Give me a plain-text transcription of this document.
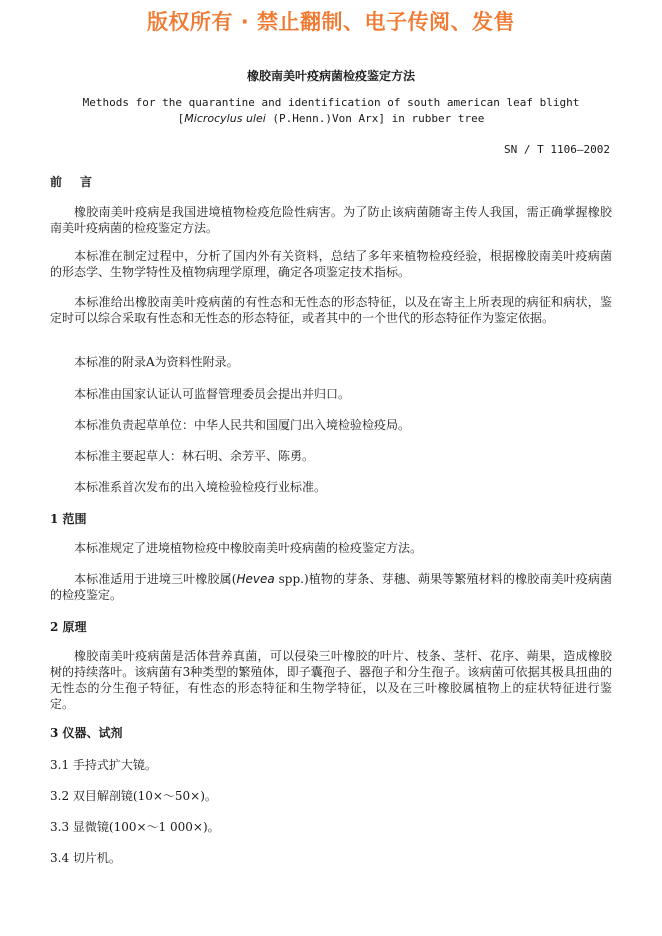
版权所有 · 禁止翻制、电子传阅、发售
橡胶南美叶疫病菌检疫鉴定方法
Methods for the quarantine and identification of south american leaf blight
[Microcylus ulei (P.Henn.)Von Arx] in rubber tree
SN / T 1106—2002
前言
橡胶南美叶疫病是我国进境植物检疫危险性病害。为了防止该病菌随寄主传人我国，需正确掌握橡胶南美叶疫病菌的检疫鉴定方法。
本标准在制定过程中，分析了国内外有关资料，总结了多年来植物检疫经验，根据橡胶南美叶疫病菌的形态学、生物学特性及植物病理学原理，确定各项鉴定技术指标。
本标准给出橡胶南美叶疫病菌的有性态和无性态的形态特征，以及在寄主上所表现的病征和病状，鉴定时可以综合采取有性态和无性态的形态特征，或者其中的一个世代的形态特征作为鉴定依据。
本标准的附录A为资料性附录。
本标准由国家认证认可监督管理委员会提出并归口。
本标准负责起草单位：中华人民共和国厦门出入境检验检疫局。
本标准主要起草人：林石明、余芳平、陈勇。
本标准系首次发布的出入境检验检疫行业标准。
1 范围
本标准规定了进境植物检疫中橡胶南美叶疫病菌的检疫鉴定方法。
本标准适用于进境三叶橡胶属(Hevea spp.)植物的芽条、芽穗、蒴果等繁殖材料的橡胶南美叶疫病菌的检疫鉴定。
2 原理
橡胶南美叶疫病菌是活体营养真菌，可以侵染三叶橡胶的叶片、枝条、茎杆、花序、蒴果，造成橡胶树的持续落叶。该病菌有3种类型的繁殖体，即子囊孢子、器孢子和分生孢子。该病菌可依据其极具扭曲的无性态的分生孢子特征，有性态的形态特征和生物学特征，以及在三叶橡胶属植物上的症状特征进行鉴定。
3 仪器、试剂
3.1 手持式扩大镜。
3.2 双目解剖镜(10×～50×)。
3.3 显微镜(100×～1 000×)。
3.4 切片机。
